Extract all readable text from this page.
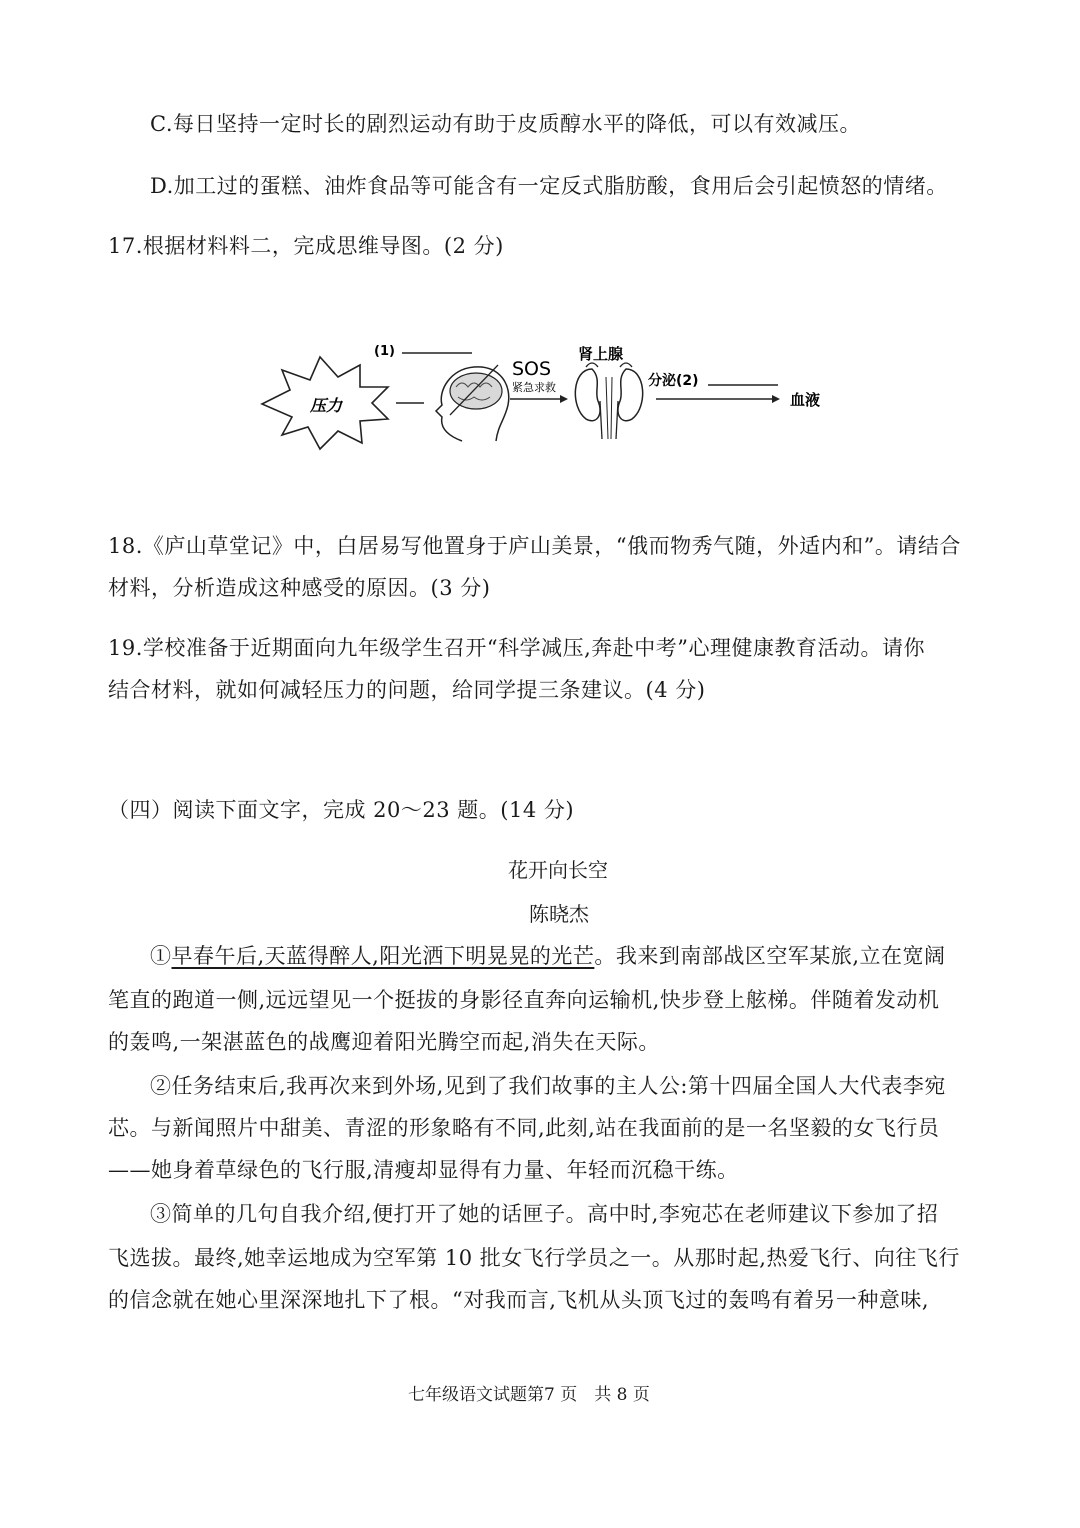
C.每日坚持一定时长的剧烈运动有助于皮质醇水平的降低，可以有效减压。
D.加工过的蛋糕、油炸食品等可能含有一定反式脂肪酸，食用后会引起愤怒的情绪。
17.根据材料料二，完成思维导图。(2 分)
压力
(1)
SOS
紧急求救
肾上腺
分泌(2)
血液
18.《庐山草堂记》中，白居易写他置身于庐山美景，“俄而物秀气随，外适内和”。请结合
材料，分析造成这种感受的原因。(3 分)
19.学校准备于近期面向九年级学生召开“科学减压,奔赴中考”心理健康教育活动。请你
结合材料，就如何减轻压力的问题，给同学提三条建议。(4 分)
（四）阅读下面文字，完成 20～23 题。(14 分)
花开向长空
陈晓杰
①早春午后,天蓝得醉人,阳光洒下明晃晃的光芒。我来到南部战区空军某旅,立在宽阔
笔直的跑道一侧,远远望见一个挺拔的身影径直奔向运输机,快步登上舷梯。伴随着发动机
的轰鸣,一架湛蓝色的战鹰迎着阳光腾空而起,消失在天际。
②任务结束后,我再次来到外场,见到了我们故事的主人公:第十四届全国人大代表李宛
芯。与新闻照片中甜美、青涩的形象略有不同,此刻,站在我面前的是一名坚毅的女飞行员
——她身着草绿色的飞行服,清瘦却显得有力量、年轻而沉稳干练。
③简单的几句自我介绍,便打开了她的话匣子。高中时,李宛芯在老师建议下参加了招
飞选拔。最终,她幸运地成为空军第 10 批女飞行学员之一。从那时起,热爱飞行、向往飞行
的信念就在她心里深深地扎下了根。“对我而言,飞机从头顶飞过的轰鸣有着另一种意味,
七年级语文试题第7 页　共 8 页
